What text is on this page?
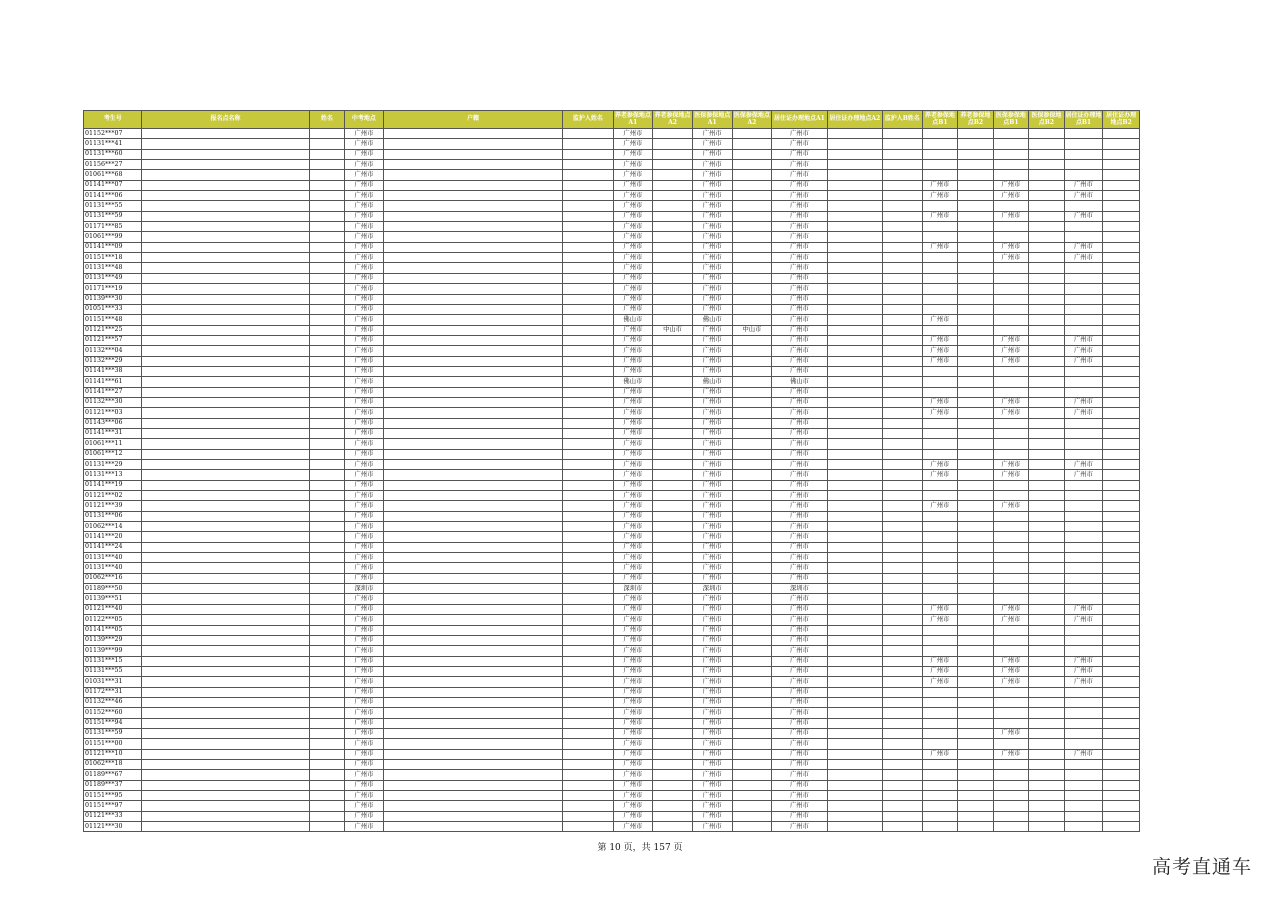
考生号	报名点名称	姓名	中考地点	户籍	监护人姓名	养老参保地点A1	养老参保地点A2	医保参保地点A1	医保参保地点A2	居住证办理地点A1	居住证办理地点A2	监护人B姓名	养老参保地点B1	养老参保地点B2	医保参保地点B1	医保参保地点B2	居住证办理地点B1	居住证办理地点B2
01152***07			广州市			广州市		广州市		广州市								
01131***41			广州市			广州市		广州市		广州市								
01131***60			广州市			广州市		广州市		广州市								
01156***27			广州市			广州市		广州市		广州市								
01061***68			广州市			广州市		广州市		广州市								
01141***07			广州市			广州市		广州市		广州市			广州市		广州市		广州市	
01141***06			广州市			广州市		广州市		广州市			广州市		广州市		广州市	
01131***55			广州市			广州市		广州市		广州市								
01131***59			广州市			广州市		广州市		广州市			广州市		广州市		广州市	
01171***85			广州市			广州市		广州市		广州市								
01061***99			广州市			广州市		广州市		广州市								
01141***09			广州市			广州市		广州市		广州市			广州市		广州市		广州市	
01151***18			广州市			广州市		广州市		广州市					广州市		广州市	
01131***48			广州市			广州市		广州市		广州市								
01131***49			广州市			广州市		广州市		广州市								
01171***19			广州市			广州市		广州市		广州市								
01139***30			广州市			广州市		广州市		广州市								
01051***33			广州市			广州市		广州市		广州市								
01151***48			广州市			佛山市		佛山市		广州市			广州市					
01121***25			广州市			广州市	中山市	广州市	中山市	广州市								
01121***57			广州市			广州市		广州市		广州市			广州市		广州市		广州市	
01132***04			广州市			广州市		广州市		广州市			广州市		广州市		广州市	
01132***29			广州市			广州市		广州市		广州市			广州市		广州市		广州市	
01141***38			广州市			广州市		广州市		广州市								
01141***61			广州市			佛山市		佛山市		佛山市								
01141***27			广州市			广州市		广州市		广州市								
01132***30			广州市			广州市		广州市		广州市			广州市		广州市		广州市	
01121***03			广州市			广州市		广州市		广州市			广州市		广州市		广州市	
01143***06			广州市			广州市		广州市		广州市								
01141***31			广州市			广州市		广州市		广州市								
01061***11			广州市			广州市		广州市		广州市								
01061***12			广州市			广州市		广州市		广州市								
01131***29			广州市			广州市		广州市		广州市			广州市		广州市		广州市	
01131***13			广州市			广州市		广州市		广州市			广州市		广州市		广州市	
01141***19			广州市			广州市		广州市		广州市								
01121***02			广州市			广州市		广州市		广州市								
01121***39			广州市			广州市		广州市		广州市			广州市		广州市			
01131***06			广州市			广州市		广州市		广州市								
01062***14			广州市			广州市		广州市		广州市								
01141***20			广州市			广州市		广州市		广州市								
01141***24			广州市			广州市		广州市		广州市								
01131***40			广州市			广州市		广州市		广州市								
01131***40			广州市			广州市		广州市		广州市								
01062***16			广州市			广州市		广州市		广州市								
01189***50			深圳市			深圳市		深圳市		深圳市								
01139***51			广州市			广州市		广州市		广州市								
01121***40			广州市			广州市		广州市		广州市			广州市		广州市		广州市	
01122***05			广州市			广州市		广州市		广州市			广州市		广州市		广州市	
01141***05			广州市			广州市		广州市		广州市								
01139***29			广州市			广州市		广州市		广州市								
01139***99			广州市			广州市		广州市		广州市								
01131***15			广州市			广州市		广州市		广州市			广州市		广州市		广州市	
01131***55			广州市			广州市		广州市		广州市			广州市		广州市		广州市	
01031***31			广州市			广州市		广州市		广州市			广州市		广州市		广州市	
01172***31			广州市			广州市		广州市		广州市								
01132***46			广州市			广州市		广州市		广州市								
01152***60			广州市			广州市		广州市		广州市								
01151***94			广州市			广州市		广州市		广州市								
01131***59			广州市			广州市		广州市		广州市					广州市			
01151***00			广州市			广州市		广州市		广州市								
01121***10			广州市			广州市		广州市		广州市			广州市		广州市		广州市	
01062***18			广州市			广州市		广州市		广州市								
01189***67			广州市			广州市		广州市		广州市								
01189***37			广州市			广州市		广州市		广州市								
01151***95			广州市			广州市		广州市		广州市								
01151***97			广州市			广州市		广州市		广州市								
01121***33			广州市			广州市		广州市		广州市								
01121***30			广州市			广州市		广州市		广州市								
第 10 页，共 157 页
高考直通车
